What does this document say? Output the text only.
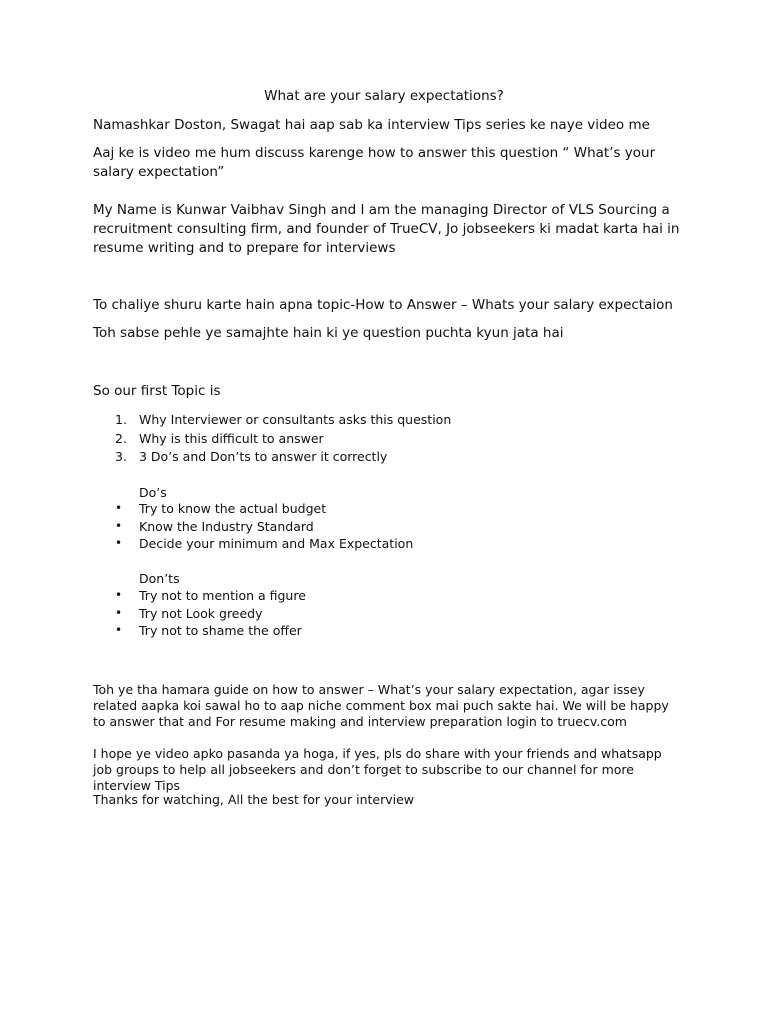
What are your salary expectations?

Namashkar Doston, Swagat hai aap sab ka interview Tips series ke naye video me

Aaj ke is video me hum discuss karenge how to answer this question “ What’s your salary expectation”

My Name is Kunwar Vaibhav Singh and I am the managing Director of VLS Sourcing a recruitment consulting firm, and founder of TrueCV, Jo jobseekers ki madat karta hai in resume writing and to prepare for interviews

To chaliye shuru karte hain apna topic-How to Answer – Whats your salary expectaion

Toh sabse pehle ye samajhte hain ki ye question puchta kyun jata hai

So our first Topic is

1. Why Interviewer or consultants asks this question
2. Why is this difficult to answer
3. 3 Do’s and Don’ts to answer it correctly
Do’s
• Try to know the actual budget
• Know the Industry Standard
• Decide your minimum and Max Expectation
Don’ts
• Try not to mention a figure
• Try not Look greedy
• Try not to shame the offer

Toh ye tha hamara guide on how to answer – What’s your salary expectation, agar issey related aapka koi sawal ho to aap niche comment box mai puch sakte hai. We will be happy to answer that and For resume making and interview preparation login to truecv.com

I hope ye video apko pasanda ya hoga, if yes, pls do share with your friends and whatsapp job groups to help all jobseekers and don’t forget to subscribe to our channel for more interview Tips

Thanks for watching, All the best for your interview
